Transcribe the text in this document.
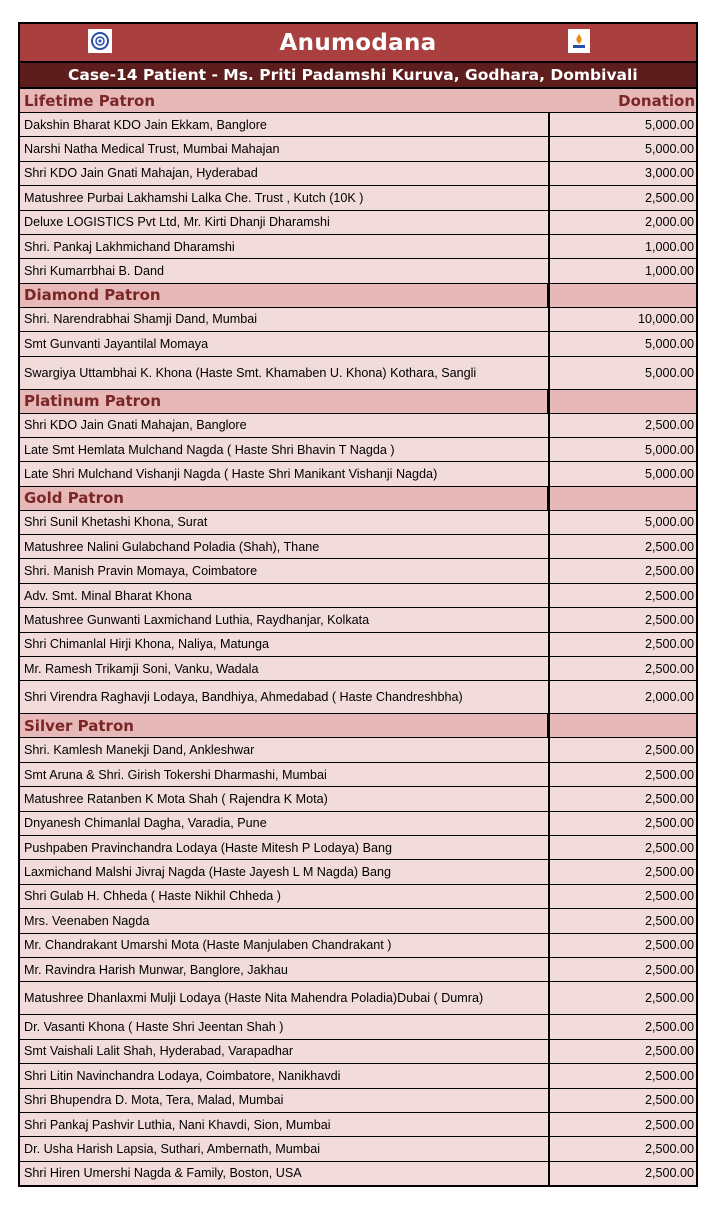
Anumodana
Case-14 Patient - Ms. Priti Padamshi Kuruva, Godhara, Dombivali
Lifetime Patron	Donation
Dakshin Bharat KDO Jain Ekkam, Banglore	5,000.00
Narshi Natha Medical Trust, Mumbai Mahajan	5,000.00
Shri KDO Jain Gnati Mahajan, Hyderabad	3,000.00
Matushree Purbai Lakhamshi Lalka Che. Trust , Kutch (10K )	2,500.00
Deluxe LOGISTICS Pvt Ltd, Mr. Kirti Dhanji Dharamshi	2,000.00
Shri. Pankaj Lakhmichand Dharamshi	1,000.00
Shri Kumarrbhai B. Dand	1,000.00
Diamond Patron
Shri. Narendrabhai Shamji Dand, Mumbai	10,000.00
Smt Gunvanti Jayantilal Momaya	5,000.00
Swargiya Uttambhai K. Khona (Haste Smt. Khamaben U. Khona) Kothara, Sangli	5,000.00
Platinum Patron
Shri KDO Jain Gnati Mahajan, Banglore	2,500.00
Late Smt Hemlata Mulchand Nagda ( Haste Shri Bhavin T Nagda )	5,000.00
Late Shri Mulchand Vishanji Nagda ( Haste Shri Manikant Vishanji Nagda)	5,000.00
Gold Patron
Shri Sunil Khetashi Khona, Surat	5,000.00
Matushree Nalini Gulabchand Poladia (Shah), Thane	2,500.00
Shri. Manish Pravin Momaya, Coimbatore	2,500.00
Adv. Smt. Minal Bharat Khona	2,500.00
Matushree Gunwanti Laxmichand Luthia, Raydhanjar, Kolkata	2,500.00
Shri Chimanlal Hirji Khona, Naliya, Matunga	2,500.00
Mr. Ramesh Trikamji Soni, Vanku, Wadala	2,500.00
Shri Virendra Raghavji Lodaya, Bandhiya, Ahmedabad ( Haste Chandreshbha)	2,000.00
Silver Patron
Shri. Kamlesh Manekji Dand, Ankleshwar	2,500.00
Smt Aruna & Shri. Girish Tokershi Dharmashi, Mumbai	2,500.00
Matushree Ratanben K Mota Shah ( Rajendra K Mota)	2,500.00
Dnyanesh Chimanlal Dagha, Varadia, Pune	2,500.00
Pushpaben Pravinchandra Lodaya (Haste Mitesh P Lodaya) Bang	2,500.00
Laxmichand Malshi Jivraj Nagda (Haste Jayesh L M Nagda) Bang	2,500.00
Shri Gulab H. Chheda ( Haste Nikhil Chheda )	2,500.00
Mrs. Veenaben Nagda	2,500.00
Mr. Chandrakant Umarshi Mota (Haste Manjulaben Chandrakant )	2,500.00
Mr. Ravindra Harish Munwar, Banglore, Jakhau	2,500.00
Matushree Dhanlaxmi Mulji Lodaya (Haste Nita Mahendra Poladia)Dubai ( Dumra)	2,500.00
Dr. Vasanti Khona ( Haste Shri Jeentan Shah )	2,500.00
Smt Vaishali Lalit Shah, Hyderabad, Varapadhar	2,500.00
Shri Litin Navinchandra Lodaya, Coimbatore, Nanikhavdi	2,500.00
Shri Bhupendra D. Mota, Tera, Malad, Mumbai	2,500.00
Shri Pankaj Pashvir Luthia, Nani Khavdi, Sion, Mumbai	2,500.00
Dr. Usha Harish Lapsia, Suthari, Ambernath, Mumbai	2,500.00
Shri Hiren Umershi Nagda & Family, Boston, USA	2,500.00
